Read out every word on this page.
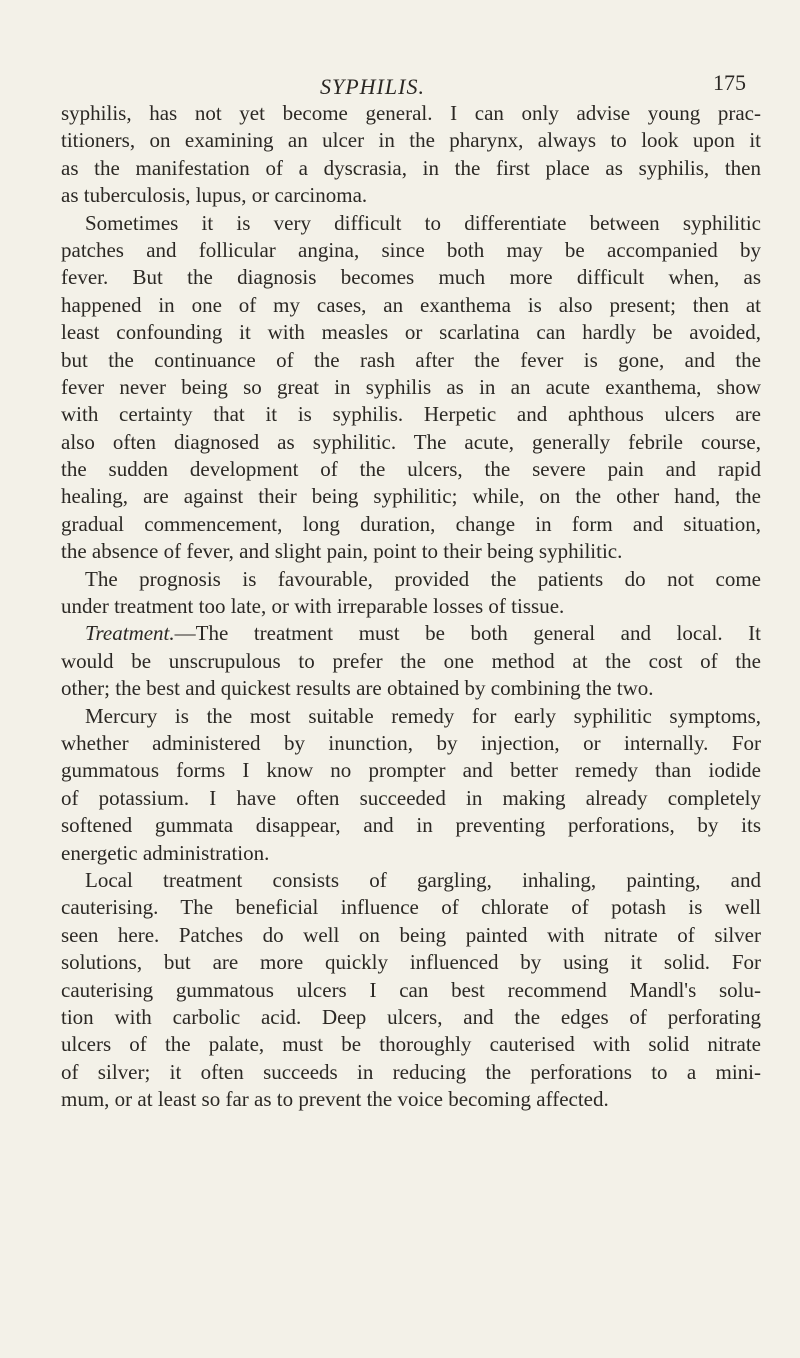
SYPHILIS.	175
syphilis, has not yet become general. I can only advise young prac-
titioners, on examining an ulcer in the pharynx, always to look upon it
as the manifestation of a dyscrasia, in the first place as syphilis, then
as tuberculosis, lupus, or carcinoma.
Sometimes it is very difficult to differentiate between syphilitic
patches and follicular angina, since both may be accompanied by
fever. But the diagnosis becomes much more difficult when, as
happened in one of my cases, an exanthema is also present; then at
least confounding it with measles or scarlatina can hardly be avoided,
but the continuance of the rash after the fever is gone, and the
fever never being so great in syphilis as in an acute exanthema, show
with certainty that it is syphilis. Herpetic and aphthous ulcers are
also often diagnosed as syphilitic. The acute, generally febrile course,
the sudden development of the ulcers, the severe pain and rapid
healing, are against their being syphilitic; while, on the other hand, the
gradual commencement, long duration, change in form and situation,
the absence of fever, and slight pain, point to their being syphilitic.
The prognosis is favourable, provided the patients do not come
under treatment too late, or with irreparable losses of tissue.
Treatment.—The treatment must be both general and local. It
would be unscrupulous to prefer the one method at the cost of the
other; the best and quickest results are obtained by combining the two.
Mercury is the most suitable remedy for early syphilitic symptoms,
whether administered by inunction, by injection, or internally. For
gummatous forms I know no prompter and better remedy than iodide
of potassium. I have often succeeded in making already completely
softened gummata disappear, and in preventing perforations, by its
energetic administration.
Local treatment consists of gargling, inhaling, painting, and
cauterising. The beneficial influence of chlorate of potash is well
seen here. Patches do well on being painted with nitrate of silver
solutions, but are more quickly influenced by using it solid. For
cauterising gummatous ulcers I can best recommend Mandl's solu-
tion with carbolic acid. Deep ulcers, and the edges of perforating
ulcers of the palate, must be thoroughly cauterised with solid nitrate
of silver; it often succeeds in reducing the perforations to a mini-
mum, or at least so far as to prevent the voice becoming affected.
